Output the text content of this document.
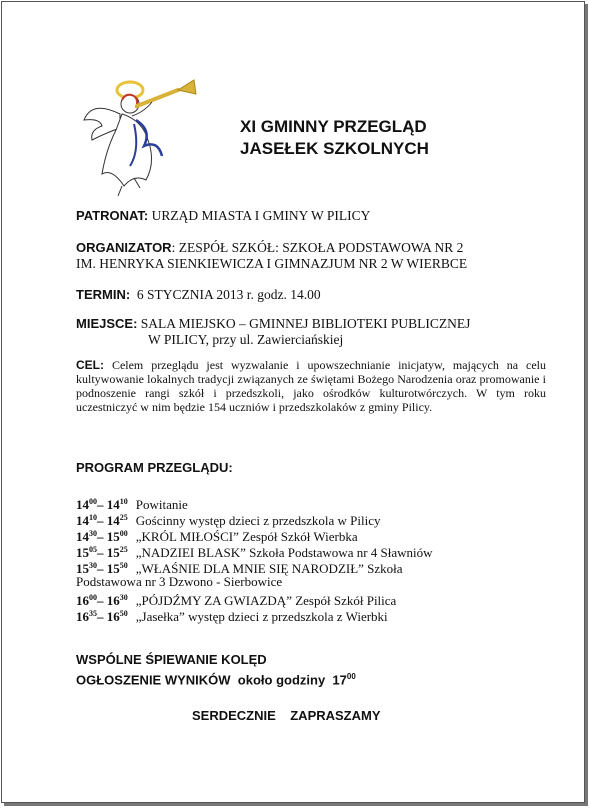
XI GMINNY PRZEGLĄD
JASEŁEK SZKOLNYCH
PATRONAT: URZĄD MIASTA I GMINY W PILICY
ORGANIZATOR: ZESPÓŁ SZKÓŁ: SZKOŁA PODSTAWOWA NR 2
IM. HENRYKA SIENKIEWICZA I GIMNAZJUM NR 2 W WIERBCE
TERMIN: 6 STYCZNIA 2013 r. godz. 14.00
MIEJSCE: SALA MIEJSKO – GMINNEJ BIBLIOTEKI PUBLICZNEJ
W PILICY, przy ul. Zawierciańskiej
CEL: Celem przeglądu jest wyzwalanie i upowszechnianie inicjatyw, mających na celu kultywowanie lokalnych tradycji związanych ze świętami Bożego Narodzenia oraz promowanie i podnoszenie rangi szkół i przedszkoli, jako ośrodków kulturotwórczych. W tym roku uczestniczyć w nim będzie 154 uczniów i przedszkolaków z gminy Pilicy.
PROGRAM PRZEGLĄDU:
$14^{00}-$ $14^{10}$ Powitanie
$14^{10}-$ $14^{25}$ Gościnny występ dzieci z przedszkola w Pilicy
$14^{30}-$ $15^{00}$ „KRÓL MIŁOŚCI” Zespół Szkół Wierbka
$15^{05}-$ $15^{25}$ „NADZIEI BLASK” Szkoła Podstawowa nr 4 Sławniów
$15^{30}-$ $15^{50}$ „WŁAŚNIE DLA MNIE SIĘ NARODZIŁ” Szkoła
Podstawowa nr 3 Dzwono - Sierbowice
$16^{00}-$ $16^{30}$ „PÓJDŹMY ZA GWIAZDĄ” Zespół Szkół Pilica
$16^{35}-$ $16^{50}$ „Jasełka” występ dzieci z przedszkola z Wierbki
WSPÓLNE ŚPIEWANIE KOLĘD
OGŁOSZENIE WYNIKÓW około godziny $17^{00}$
SERDECZNIE    ZAPRASZAMY
